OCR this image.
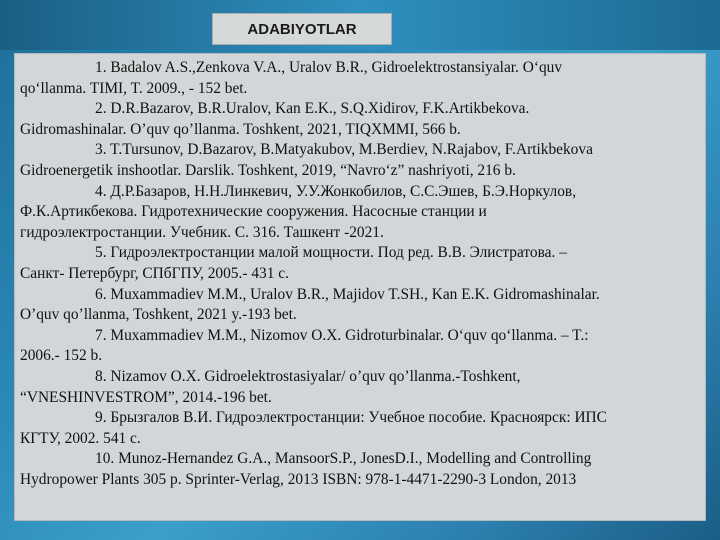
ADABIYOTLAR
1. Badalov A.S.,Zenkova V.A., Uralov B.R., Gidroelektrostansiyalar. O‘quv
qo‘llanma. TIMI, T. 2009., - 152 bet.
2. D.R.Bazarov, B.R.Uralov, Kan E.K., S.Q.Xidirov, F.K.Artikbekova.
Gidromashinalar. O’quv qo’llanma. Toshkent, 2021, TIQXMMI, 566 b.
3. T.Tursunov, D.Bazarov, B.Matyakubov, M.Berdiev, N.Rajabov, F.Artikbekova
Gidroenergetik inshootlar. Darslik. Toshkent, 2019, “Navro‘z” nashriyoti, 216 b.
4. Д.Р.Базаров, Н.Н.Линкевич, У.У.Жонкобилов, С.С.Эшев, Б.Э.Норкулов,
Ф.К.Артикбекова. Гидротехнические сооружения. Насосные станции и
гидроэлектростанции. Учебник. С. 316. Ташкент -2021.
5. Гидроэлектростанции малой мощности. Под ред. В.В. Элистратова. –
Санкт- Петербург, СПбГПУ, 2005.- 431 с.
6. Muxammadiev M.M., Uralov B.R., Majidov T.SH., Kan E.K. Gidromashinalar.
O’quv qo’llanma, Toshkent, 2021 y.-193 bet.
7. Muxammadiev M.M., Nizomov O.X. Gidroturbinalar. O‘quv qo‘llanma. – T.:
2006.- 152 b.
8. Nizamov O.X. Gidroelektrostasiyalar/ o’quv qo’llanma.-Toshkent,
“VNESHINVESTROM”, 2014.-196 bet.
9. Брызгалов В.И. Гидроэлектростанции: Учебное пособие. Красноярск: ИПС
КГТУ, 2002. 541 с.
10. Munoz-Hernandez G.A., MansoorS.P., JonesD.I., Modelling and Controlling
Hydropower Plants 305 p. Sprinter-Verlag, 2013 ISBN: 978-1-4471-2290-3 London, 2013
